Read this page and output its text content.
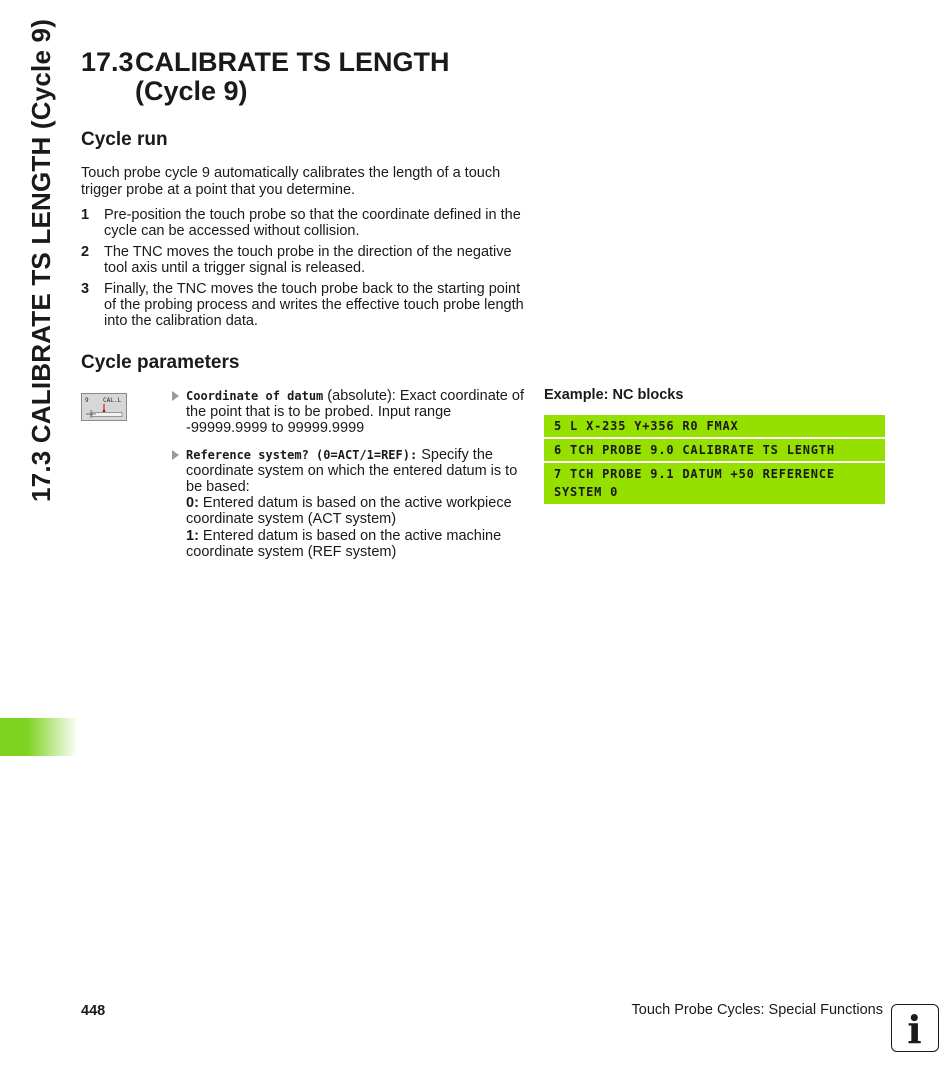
17.3 CALIBRATE TS LENGTH (Cycle 9) 17.3CALIBRATE TS LENGTH
(Cycle 9)
Cycle run
Touch probe cycle 9 automatically calibrates the length of a touch trigger probe at a point that you determine.
1	Pre-position the touch probe so that the coordinate defined in the cycle can be accessed without collision.
2	The TNC moves the touch probe in the direction of the negative tool axis until a trigger signal is released.
3	Finally, the TNC moves the touch probe back to the starting point of the probing process and writes the effective touch probe length into the calibration data.
Cycle parameters
9 CAL.L	Coordinate of datum (absolute): Exact coordinate of the point that is to be probed. Input range -99999.9999 to 99999.9999
Reference system? (0=ACT/1=REF): Specify the coordinate system on which the entered datum is to be based:
0: Entered datum is based on the active workpiece coordinate system (ACT system)
1: Entered datum is based on the active machine coordinate system (REF system)
Example: NC blocks
5 L X-235 Y+356 R0 FMAX
6 TCH PROBE 9.0 CALIBRATE TS LENGTH
7 TCH PROBE 9.1 DATUM +50 REFERENCE
SYSTEM 0
448	Touch Probe Cycles: Special Functions i
